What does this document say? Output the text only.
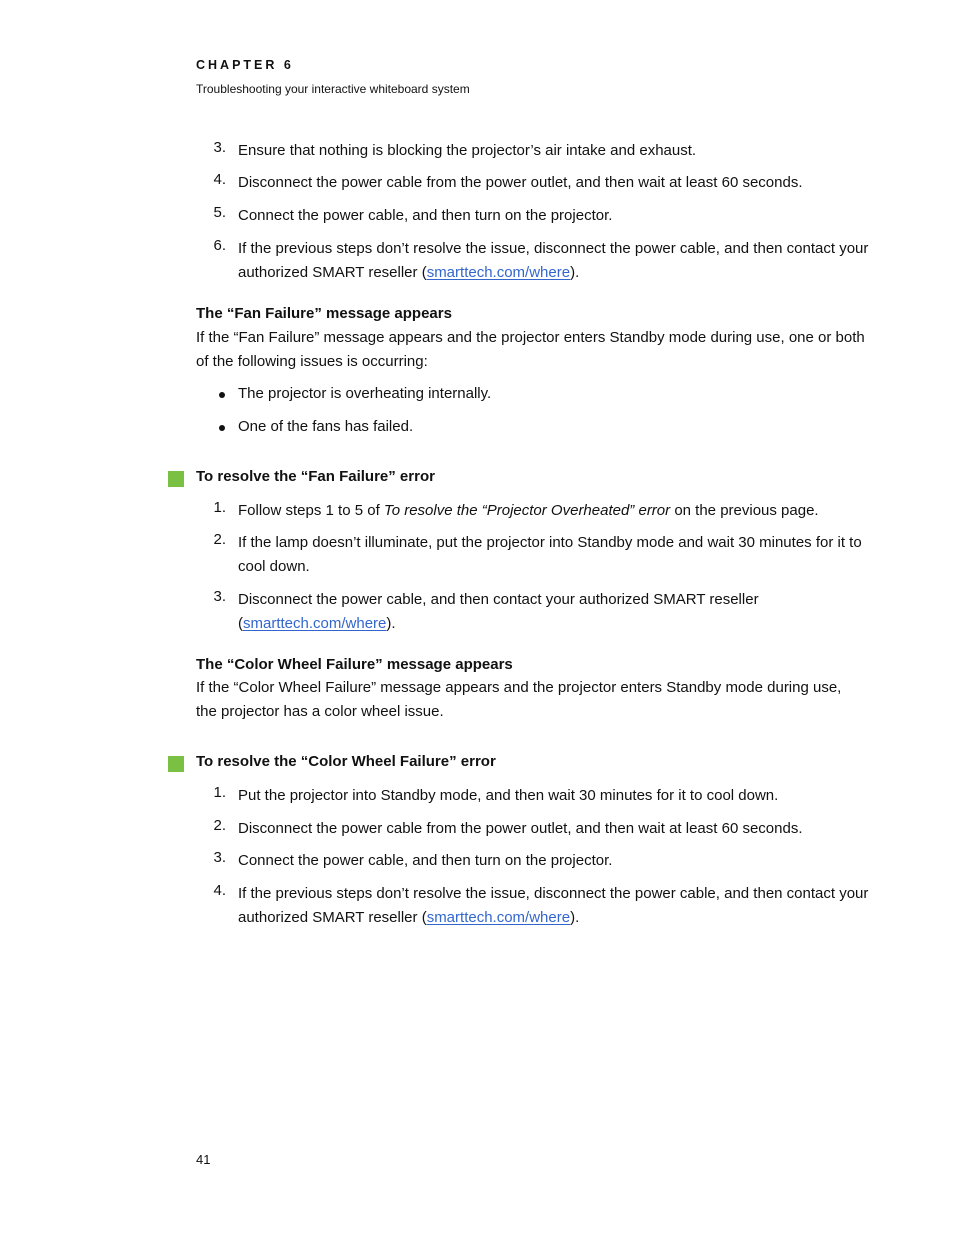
CHAPTER 6
Troubleshooting your interactive whiteboard system
3. Ensure that nothing is blocking the projector’s air intake and exhaust.
4. Disconnect the power cable from the power outlet, and then wait at least 60 seconds.
5. Connect the power cable, and then turn on the projector.
6. If the previous steps don’t resolve the issue, disconnect the power cable, and then contact your authorized SMART reseller (smarttech.com/where).
The “Fan Failure” message appears
If the “Fan Failure” message appears and the projector enters Standby mode during use, one or both of the following issues is occurring:
The projector is overheating internally.
One of the fans has failed.
To resolve the “Fan Failure” error
1. Follow steps 1 to 5 of To resolve the “Projector Overheated” error on the previous page.
2. If the lamp doesn’t illuminate, put the projector into Standby mode and wait 30 minutes for it to cool down.
3. Disconnect the power cable, and then contact your authorized SMART reseller (smarttech.com/where).
The “Color Wheel Failure” message appears
If the “Color Wheel Failure” message appears and the projector enters Standby mode during use, the projector has a color wheel issue.
To resolve the “Color Wheel Failure” error
1. Put the projector into Standby mode, and then wait 30 minutes for it to cool down.
2. Disconnect the power cable from the power outlet, and then wait at least 60 seconds.
3. Connect the power cable, and then turn on the projector.
4. If the previous steps don’t resolve the issue, disconnect the power cable, and then contact your authorized SMART reseller (smarttech.com/where).
41
